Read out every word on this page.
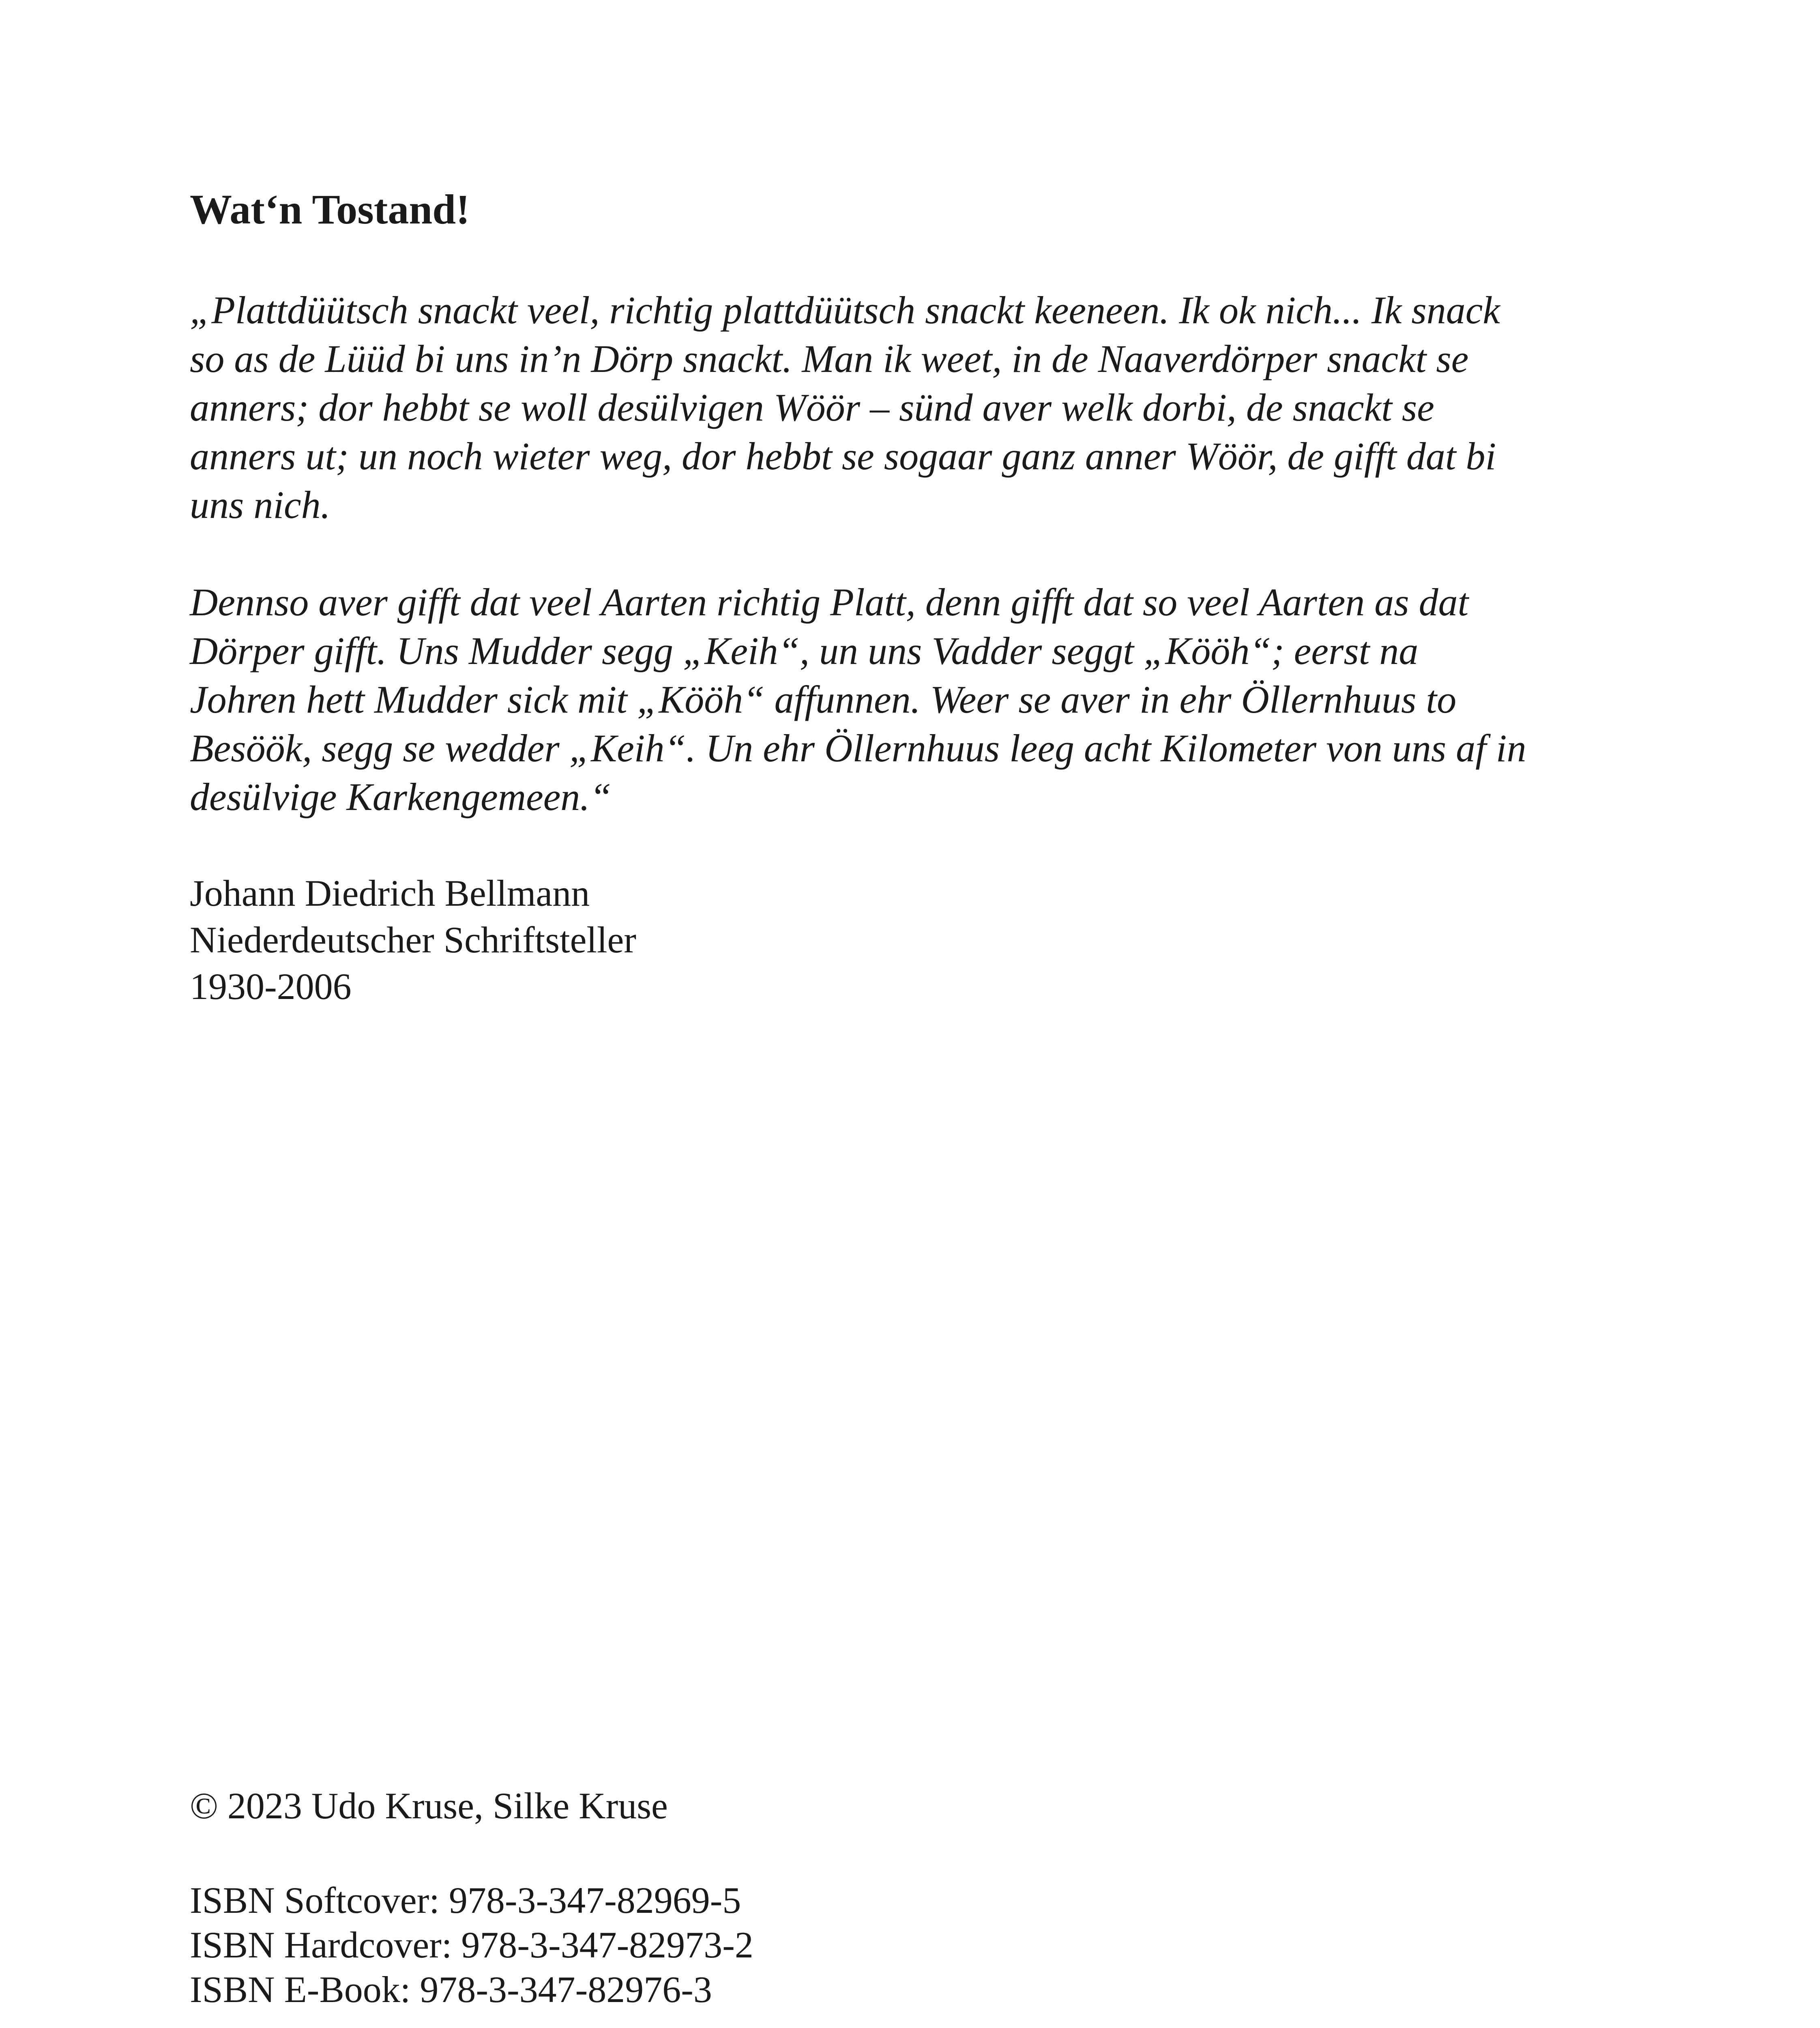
Wat‘n Tostand!

„Plattdüütsch snackt veel, richtig plattdüütsch snackt keeneen. Ik ok nich... Ik snack
so as de Lüüd bi uns in’n Dörp snackt. Man ik weet, in de Naaverdörper snackt se
anners; dor hebbt se woll desülvigen Wöör – sünd aver welk dorbi, de snackt se
anners ut; un noch wieter weg, dor hebbt se sogaar ganz anner Wöör, de gifft dat bi
uns nich.

Dennso aver gifft dat veel Aarten richtig Platt, denn gifft dat so veel Aarten as dat
Dörper gifft. Uns Mudder segg „Keih“, un uns Vadder seggt „Kööh“; eerst na
Johren hett Mudder sick mit „Kööh“ affunnen. Weer se aver in ehr Öllernhuus to
Besöök, segg se wedder „Keih“. Un ehr Öllernhuus leeg acht Kilometer von uns af in
desülvige Karkengemeen.“

Johann Diedrich Bellmann
Niederdeutscher Schriftsteller
1930-2006
© 2023 Udo Kruse, Silke Kruse
ISBN Softcover: 978-3-347-82969-5
ISBN Hardcover: 978-3-347-82973-2
ISBN E-Book: 978-3-347-82976-3
